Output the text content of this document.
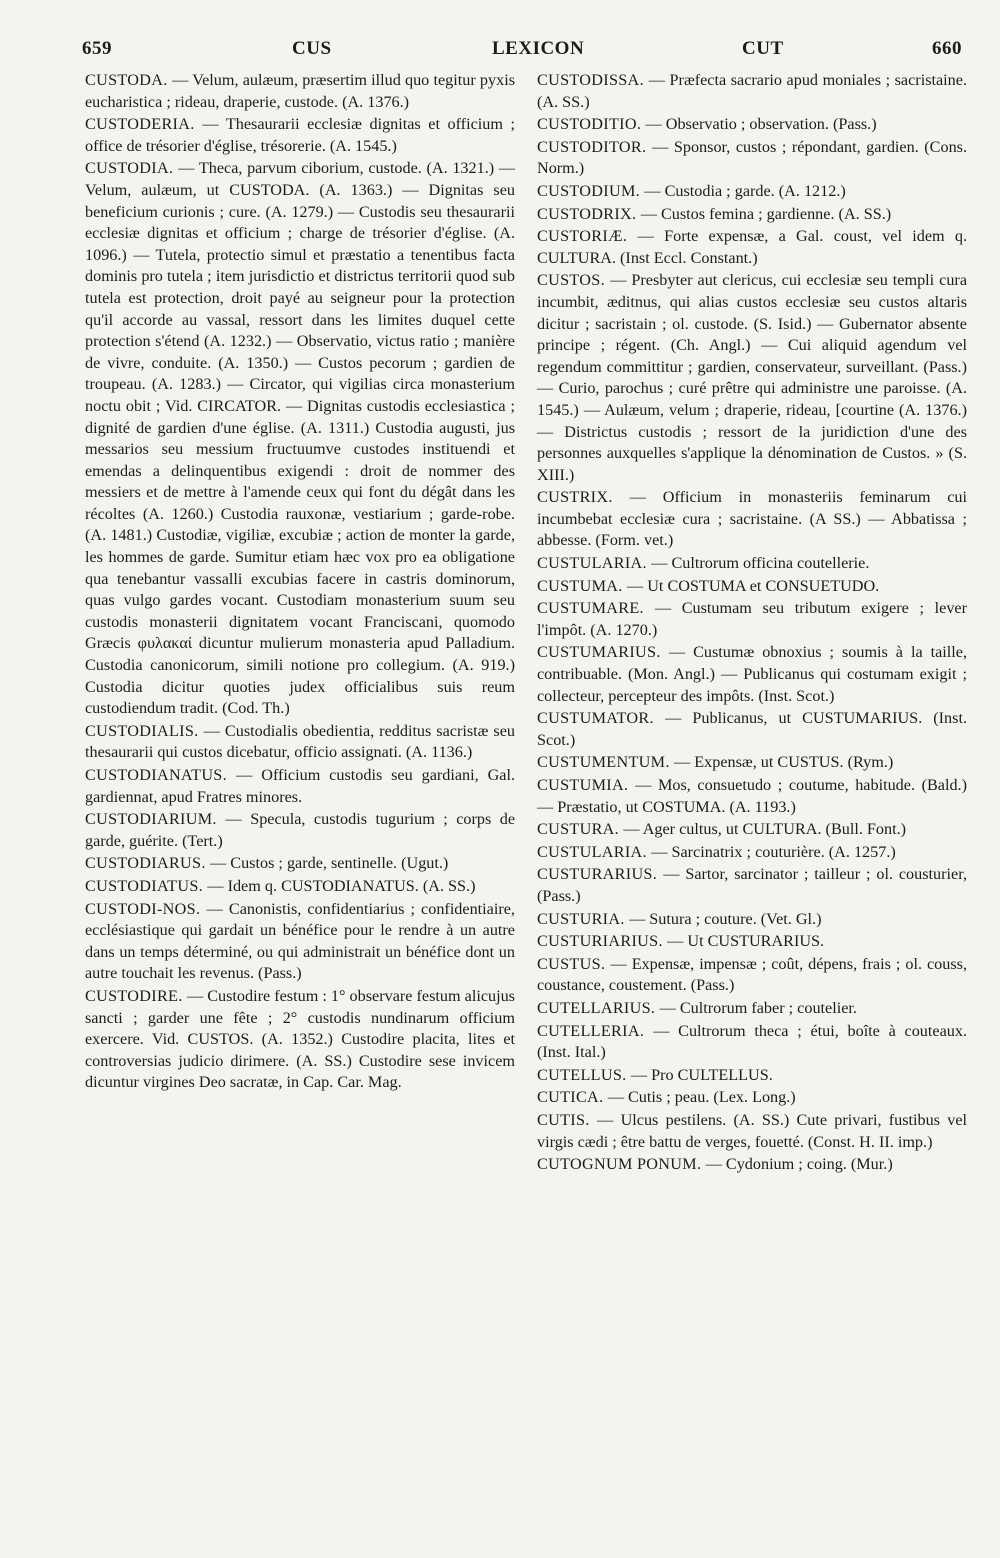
659	CUS	LEXICON	CUT	660

CUSTODA . — Velum, aulæum, præsertim illud quo tegitur pyxis eucharistica ; rideau, draperie, custode. (A. 1376.)

CUSTODERIA . — Thesaurarii ecclesiæ dignitas et officium ; office de trésorier d'église, trésorerie. (A. 1545.)

CUSTODIA . — Theca, parvum ciborium, custode. (A. 1321.) — Velum, aulæum, ut CUSTODA. (A. 1363.) — Dignitas seu beneficium curionis ; cure. (A. 1279.) — Custodis seu thesaurarii ecclesiæ dignitas et officium ; charge de trésorier d'église. (A. 1096.) — Tutela, protectio simul et præstatio a tenentibus facta dominis pro tutela ; item jurisdictio et districtus territorii quod sub tutela est protection, droit payé au seigneur pour la protection qu'il accorde au vassal, ressort dans les limites duquel cette protection s'étend (A. 1232.) — Observatio, victus ratio ; manière de vivre, conduite. (A. 1350.) — Custos pecorum ; gardien de troupeau. (A. 1283.) — Circator, qui vigilias circa monasterium noctu obit ; Vid. CIRCATOR. — Dignitas custodis ecclesiastica ; dignité de gardien d'une église. (A. 1311.) Custodia augusti, jus messarios seu messium fructuumve custodes instituendi et emendas a delinquentibus exigendi : droit de nommer des messiers et de mettre à l'amende ceux qui font du dégât dans les récoltes (A. 1260.) Custodia rauxonæ, vestiarium ; garde-robe. (A. 1481.) Custodiæ, vigiliæ, excubiæ ; action de monter la garde, les hommes de garde. Sumitur etiam hæc vox pro ea obligatione qua tenebantur vassalli excubias facere in castris dominorum, quas vulgo gardes vocant. Custodiam monasterium suum seu custodis monasterii dignitatem vocant Franciscani, quomodo Græcis φυλακαί dicuntur mulierum monasteria apud Palladium. Custodia canonicorum, simili notione pro collegium. (A. 919.) Custodia dicitur quoties judex officialibus suis reum custodiendum tradit. (Cod. Th.)

CUSTODIALIS . — Custodialis obedientia, redditus sacristæ seu thesaurarii qui custos dicebatur, officio assignati. (A. 1136.)

CUSTODIANATUS . — Officium custodis seu gardiani, Gal. gardiennat, apud Fratres minores.

CUSTODIARIUM . — Specula, custodis tugurium ; corps de garde, guérite. (Tert.)

CUSTODIARUS . — Custos ; garde, sentinelle. (Ugut.)

CUSTODIATUS . — Idem q. CUSTODIANATUS. (A. SS.)

CUSTODI-NOS . — Canonistis, confidentiarius ; confidentiaire, ecclésiastique qui gardait un bénéfice pour le rendre à un autre dans un temps déterminé, ou qui administrait un bénéfice dont un autre touchait les revenus. (Pass.)

CUSTODIRE . — Custodire festum : 1° observare festum alicujus sancti ; garder une fête ; 2° custodis nundinarum officium exercere. Vid. CUSTOS. (A. 1352.) Custodire placita, lites et controversias judicio dirimere. (A. SS.) Custodire sese invicem dicuntur virgines Deo sacratæ, in Cap. Car. Mag.

CUSTODISSA . — Præfecta sacrario apud moniales ; sacristaine. (A. SS.)

CUSTODITIO . — Observatio ; observation. (Pass.)

CUSTODITOR . — Sponsor, custos ; répondant, gardien. (Cons. Norm.)

CUSTODIUM . — Custodia ; garde. (A. 1212.)

CUSTODRIX . — Custos femina ; gardienne. (A. SS.)

CUSTORIÆ .	— Forte expensæ, a Gal. coust, vel idem q. CULTURA. (Inst Eccl. Constant.)

CUSTOS . — Presbyter aut clericus, cui ecclesiæ seu templi cura incumbit, æditnus, qui alias custos ecclesiæ seu custos altaris dicitur ; sacristain ; ol. custode. (S. Isid.) — Gubernator absente principe ; régent. (Ch. Angl.) — Cui aliquid agendum vel regendum committitur ; gardien, conservateur, surveillant. (Pass.) — Curio, parochus ; curé prêtre qui administre une paroisse. (A. 1545.) — Aulæum, velum ; draperie, rideau, [courtine (A. 1376.) — Districtus custodis ; ressort de la juridiction d'une des personnes auxquelles s'applique la dénomination de Custos. » (S. XIII.)

CUSTRIX .	— Officium in monasteriis feminarum cui incumbebat ecclesiæ cura ; sacristaine. (A SS.) — Abbatissa ; abbesse. (Form. vet.)

CUSTULARIA . — Cultrorum officina coutellerie.

CUSTUMA . — Ut COSTUMA et CONSUETUDO.

CUSTUMARE .	— Custumam seu tributum exigere ; lever l'impôt. (A. 1270.)

CUSTUMARIUS . — Custumæ obnoxius ; soumis à la taille, contribuable. (Mon. Angl.) — Publicanus qui costumam exigit ; collecteur, percepteur des impôts. (Inst. Scot.)

CUSTUMATOR .	— Publicanus, ut CUSTUMARIUS. (Inst. Scot.)

CUSTUMENTUM . — Expensæ, ut CUSTUS. (Rym.)

CUSTUMIA . — Mos, consuetudo ; coutume, habitude. (Bald.) — Præstatio, ut COSTUMA. (A. 1193.)

CUSTURA . — Ager cultus, ut CULTURA. (Bull. Font.)

CUSTULARIA . — Sarcinatrix ; couturière. (A. 1257.)

CUSTURARIUS . — Sartor, sarcinator ; tailleur ; ol. cousturier, (Pass.)

CUSTURIA . — Sutura ; couture. (Vet. Gl.)

CUSTURIARIUS . — Ut CUSTURARIUS.

CUSTUS . — Expensæ, impensæ ; coût, dépens, frais ; ol. couss, coustance, coustement. (Pass.)

CUTELLARIUS . — Cultrorum faber ; coutelier.

CUTELLERIA . — Cultrorum theca ; étui, boîte à couteaux. (Inst. Ital.)

CUTELLUS . — Pro CULTELLUS.

CUTICA . — Cutis ; peau. (Lex. Long.)

CUTIS . — Ulcus pestilens. (A. SS.) Cute privari, fustibus vel virgis cædi ; être battu de verges, fouetté. (Const. H. II. imp.)

CUTOGNUM PONUM . — Cydonium ; coing. (Mur.)
